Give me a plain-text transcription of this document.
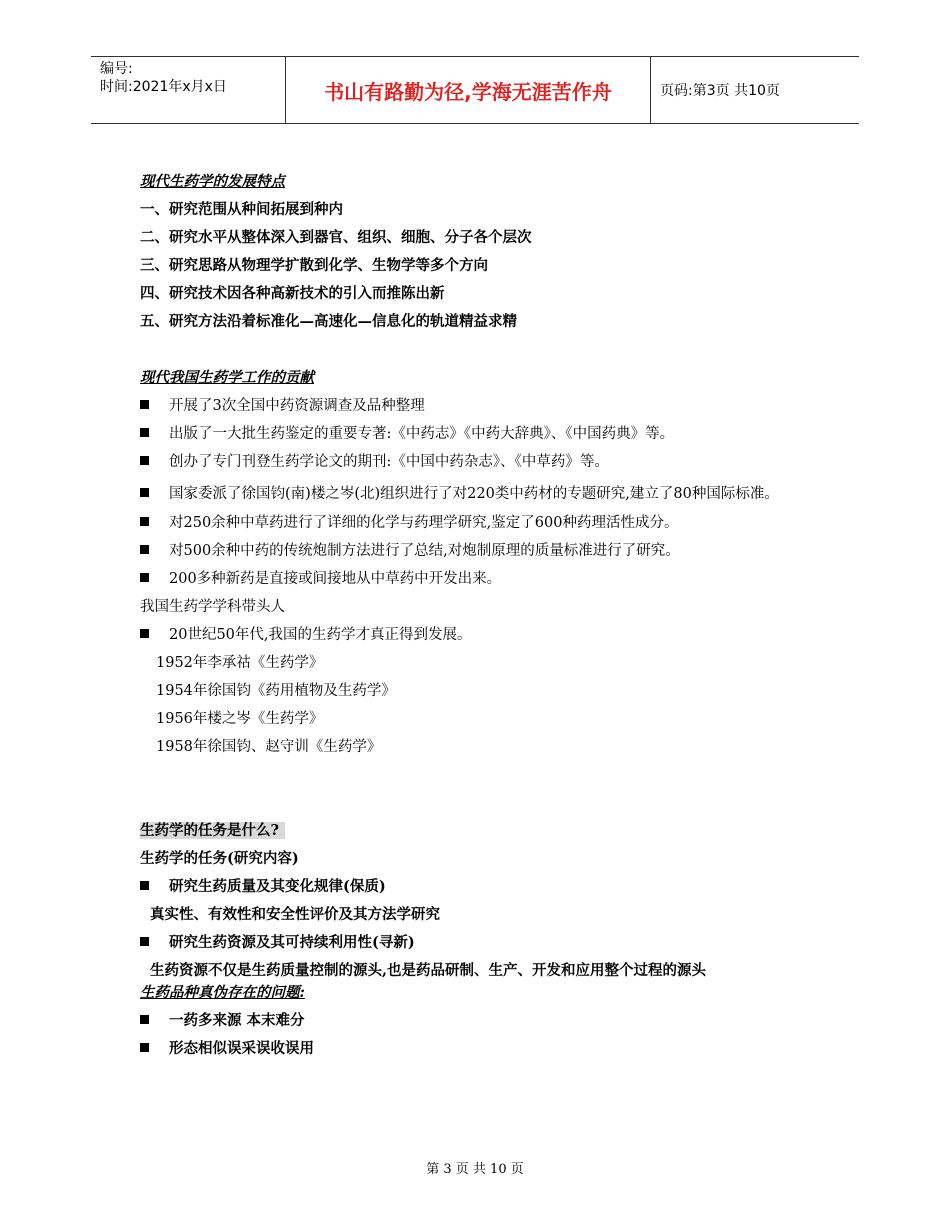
编号:
时间:2021年x月x日	书山有路勤为径,学海无涯苦作舟	页码:第3页 共10页
现代生药学的发展特点
一、研究范围从种间拓展到种内
二、研究水平从整体深入到器官、组织、细胞、分子各个层次
三、研究思路从物理学扩散到化学、生物学等多个方向
四、研究技术因各种高新技术的引入而推陈出新
五、研究方法沿着标准化—高速化—信息化的轨道精益求精
现代我国生药学工作的贡献
开展了3次全国中药资源调查及品种整理
出版了一大批生药鉴定的重要专著:《中药志》《中药大辞典》、《中国药典》等。
创办了专门刊登生药学论文的期刊:《中国中药杂志》、《中草药》等。
国家委派了徐国钧(南)楼之岑(北)组织进行了对220类中药材的专题研究,建立了80种国际标准。
对250余种中草药进行了详细的化学与药理学研究,鉴定了600种药理活性成分。
对500余种中药的传统炮制方法进行了总结,对炮制原理的质量标准进行了研究。
200多种新药是直接或间接地从中草药中开发出来。
我国生药学学科带头人
20世纪50年代,我国的生药学才真正得到发展。
1952年李承祜《生药学》
1954年徐国钧《药用植物及生药学》
1956年楼之岑《生药学》
1958年徐国钧、赵守训《生药学》
生药学的任务是什么?
生药学的任务(研究内容)
研究生药质量及其变化规律(保质)
真实性、有效性和安全性评价及其方法学研究
研究生药资源及其可持续利用性(寻新)
生药资源不仅是生药质量控制的源头,也是药品研制、生产、开发和应用整个过程的源头
生药品种真伪存在的问题:
一药多来源 本末难分
形态相似误采误收误用
第 3 页 共 10 页
